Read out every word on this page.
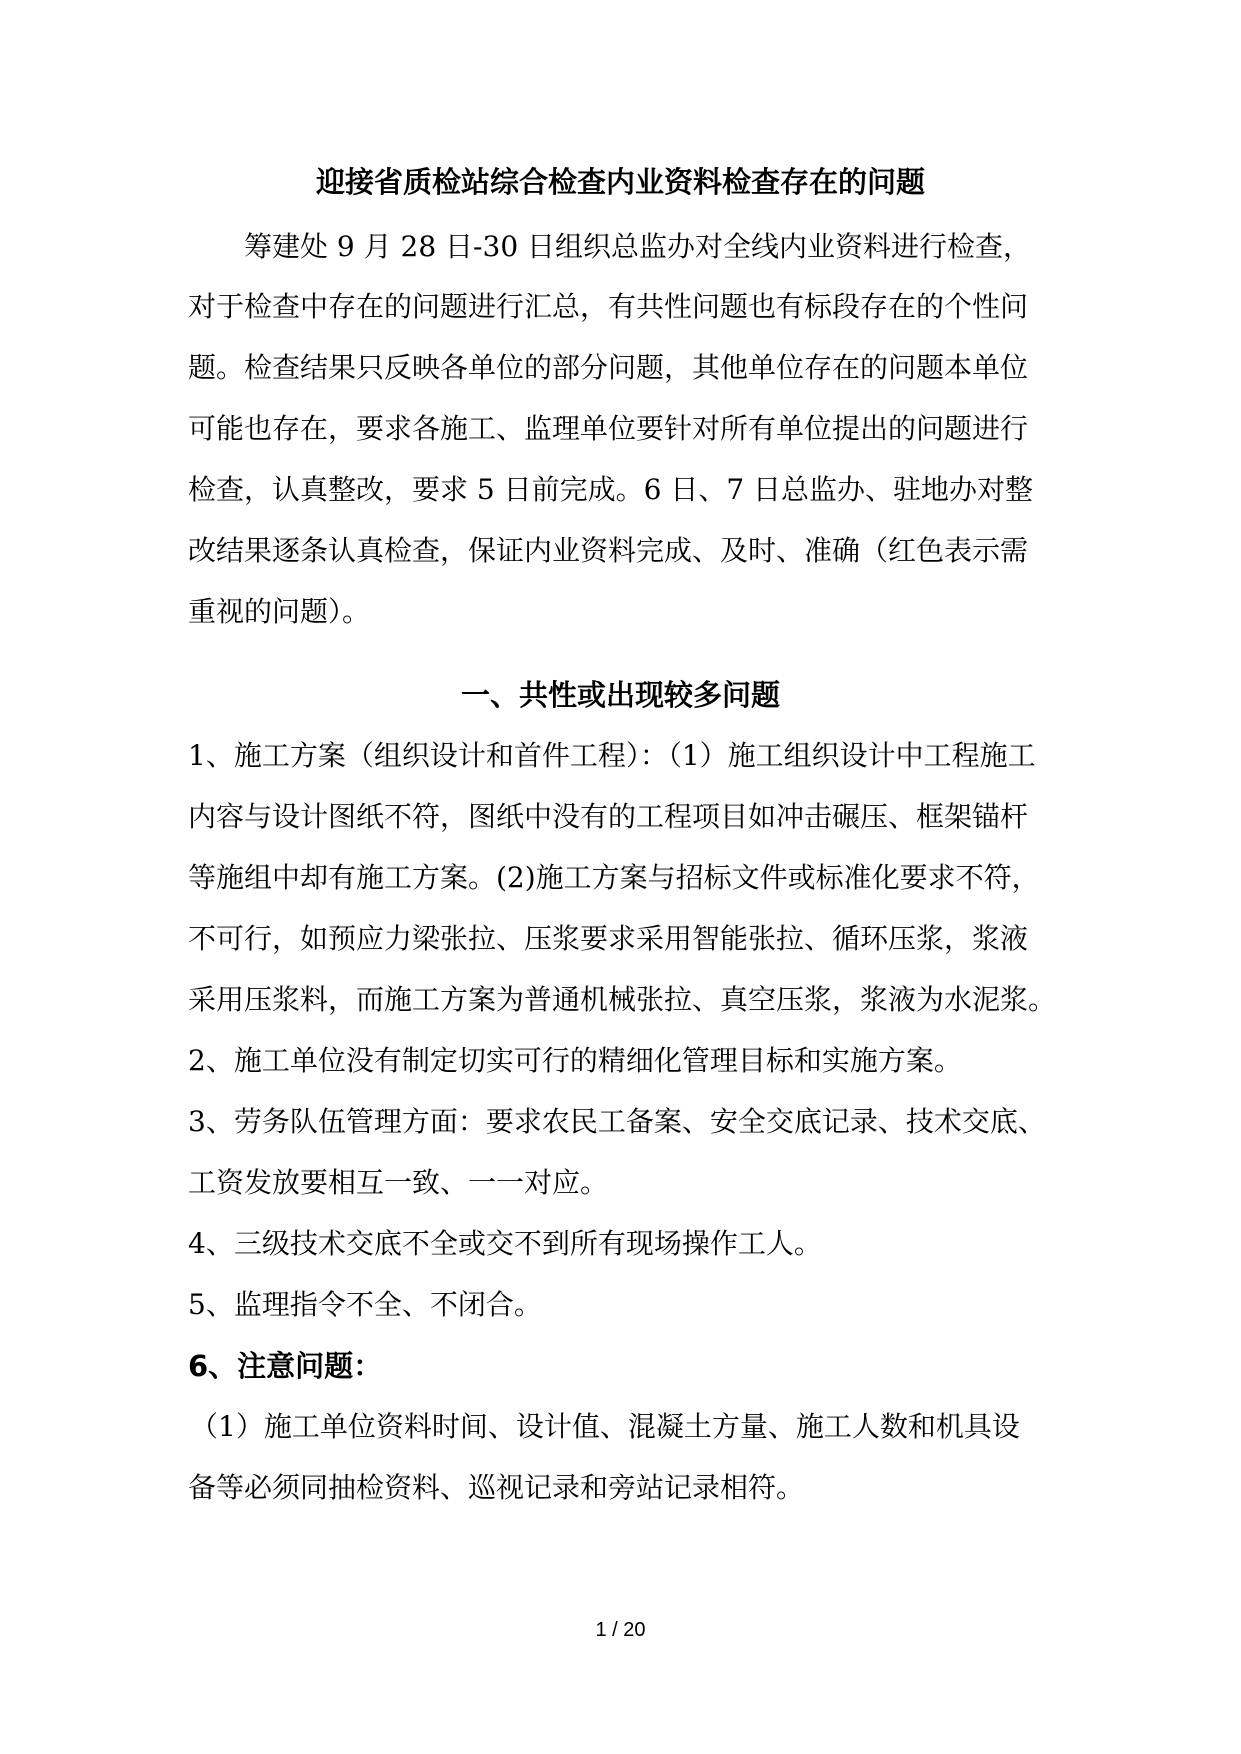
迎接省质检站综合检查内业资料检查存在的问题
筹建处 9 月 28 日-30 日组织总监办对全线内业资料进行检查，
对于检查中存在的问题进行汇总，有共性问题也有标段存在的个性问
题。检查结果只反映各单位的部分问题，其他单位存在的问题本单位
可能也存在，要求各施工、监理单位要针对所有单位提出的问题进行
检查，认真整改，要求 5 日前完成。6 日、7 日总监办、驻地办对整
改结果逐条认真检查，保证内业资料完成、及时、准确（红色表示需
重视的问题）。
一、共性或出现较多问题
1、施工方案（组织设计和首件工程）：（1）施工组织设计中工程施工
内容与设计图纸不符，图纸中没有的工程项目如冲击碾压、框架锚杆
等施组中却有施工方案。(2)施工方案与招标文件或标准化要求不符，
不可行，如预应力梁张拉、压浆要求采用智能张拉、循环压浆，浆液
采用压浆料，而施工方案为普通机械张拉、真空压浆，浆液为水泥浆。
2、施工单位没有制定切实可行的精细化管理目标和实施方案。
3、劳务队伍管理方面：要求农民工备案、安全交底记录、技术交底、
工资发放要相互一致、一一对应。
4、三级技术交底不全或交不到所有现场操作工人。
5、监理指令不全、不闭合。
6、注意问题：
（1）施工单位资料时间、设计值、混凝土方量、施工人数和机具设
备等必须同抽检资料、巡视记录和旁站记录相符。
1 / 20
